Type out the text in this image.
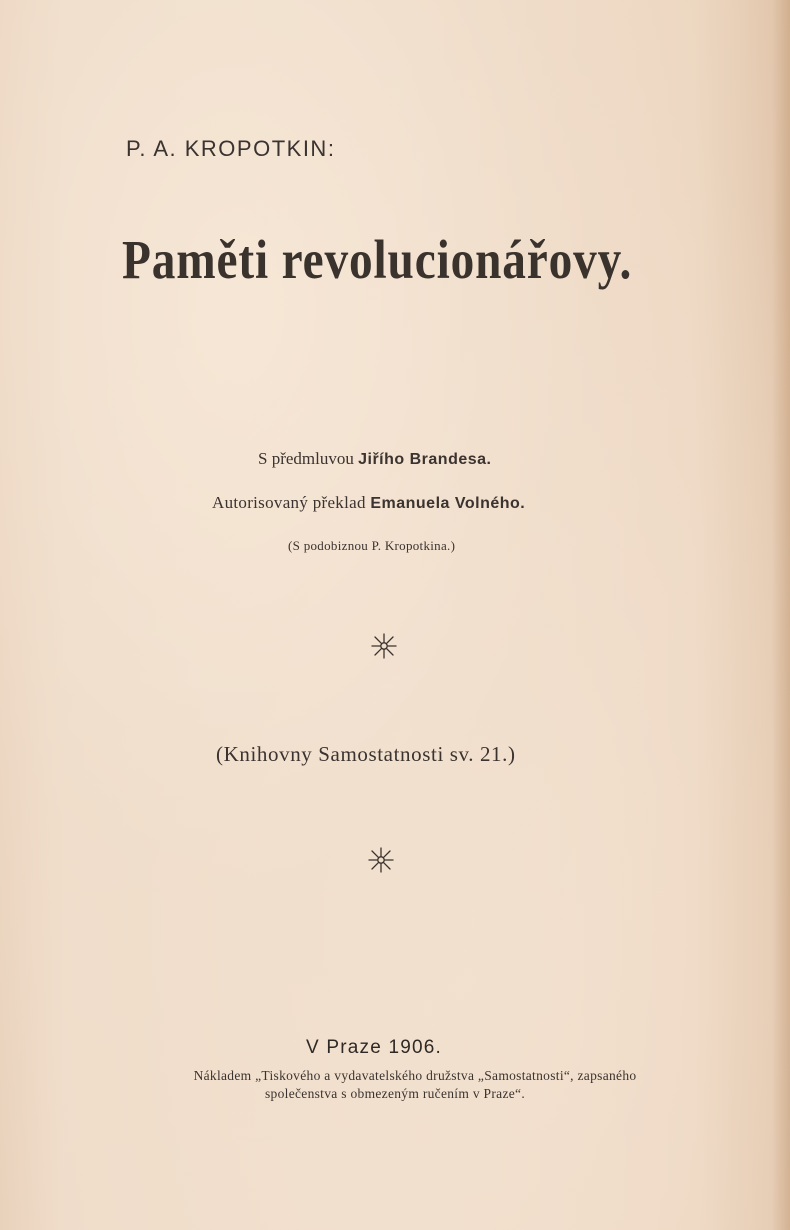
P. A. KROPOTKIN:
Paměti revolucionářovy.
S předmluvou Jiřího Brandesa.
Autorisovaný překlad Emanuela Volného.
(S podobiznou P. Kropotkina.)
(Knihovny Samostatnosti sv. 21.)
V Praze 1906.
Nákladem „Tiskového a vydavatelského družstva „Samostatnosti“, zapsaného
společenstva s obmezeným ručením v Praze“.
